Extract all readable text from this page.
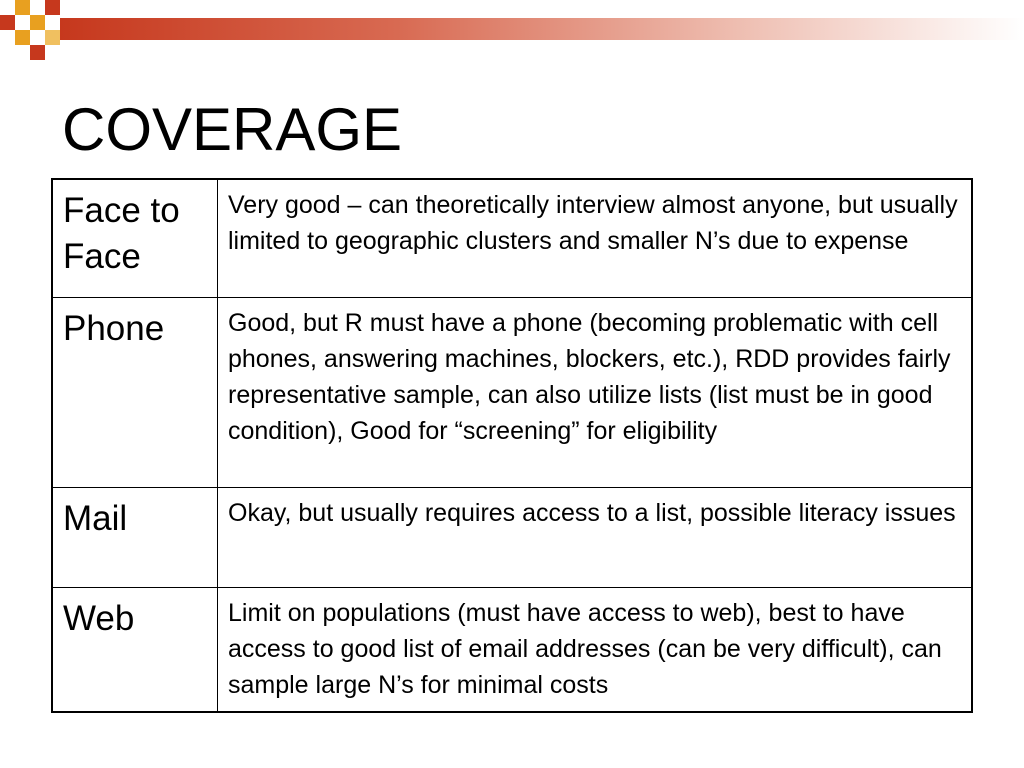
COVERAGE
Face to Face	Very good – can theoretically interview almost anyone, but usually limited to geographic clusters and smaller N’s due to expense
Phone	Good, but R must have a phone (becoming problematic with cell phones, answering machines, blockers, etc.), RDD provides fairly representative sample, can also utilize lists (list must be in good condition), Good for “screening” for eligibility
Mail	Okay, but usually requires access to a list, possible literacy issues
Web	Limit on populations (must have access to web), best to have access to good list of email addresses (can be very difficult), can sample large N’s for minimal costs
